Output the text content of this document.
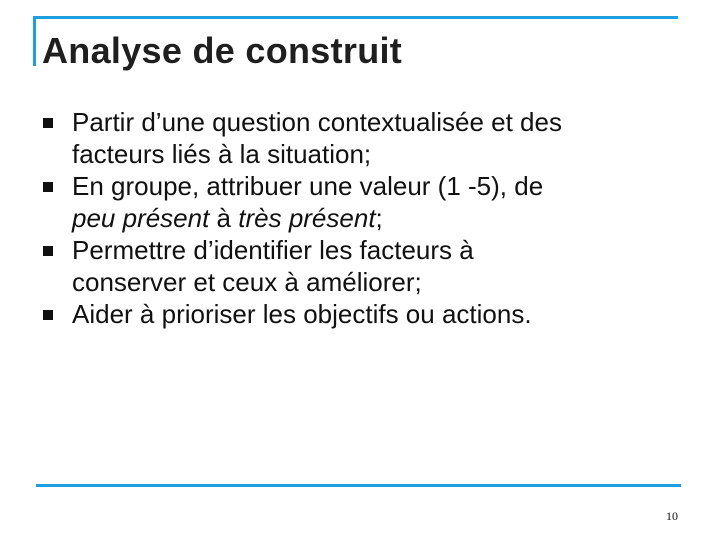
Analyse de construit
Partir d’une question contextualisée et des facteurs liés à la situation;
En groupe, attribuer une valeur (1 -5), de peu présent à très présent;
Permettre d’identifier les facteurs à conserver et ceux à améliorer;
Aider à prioriser les objectifs ou actions.
10
